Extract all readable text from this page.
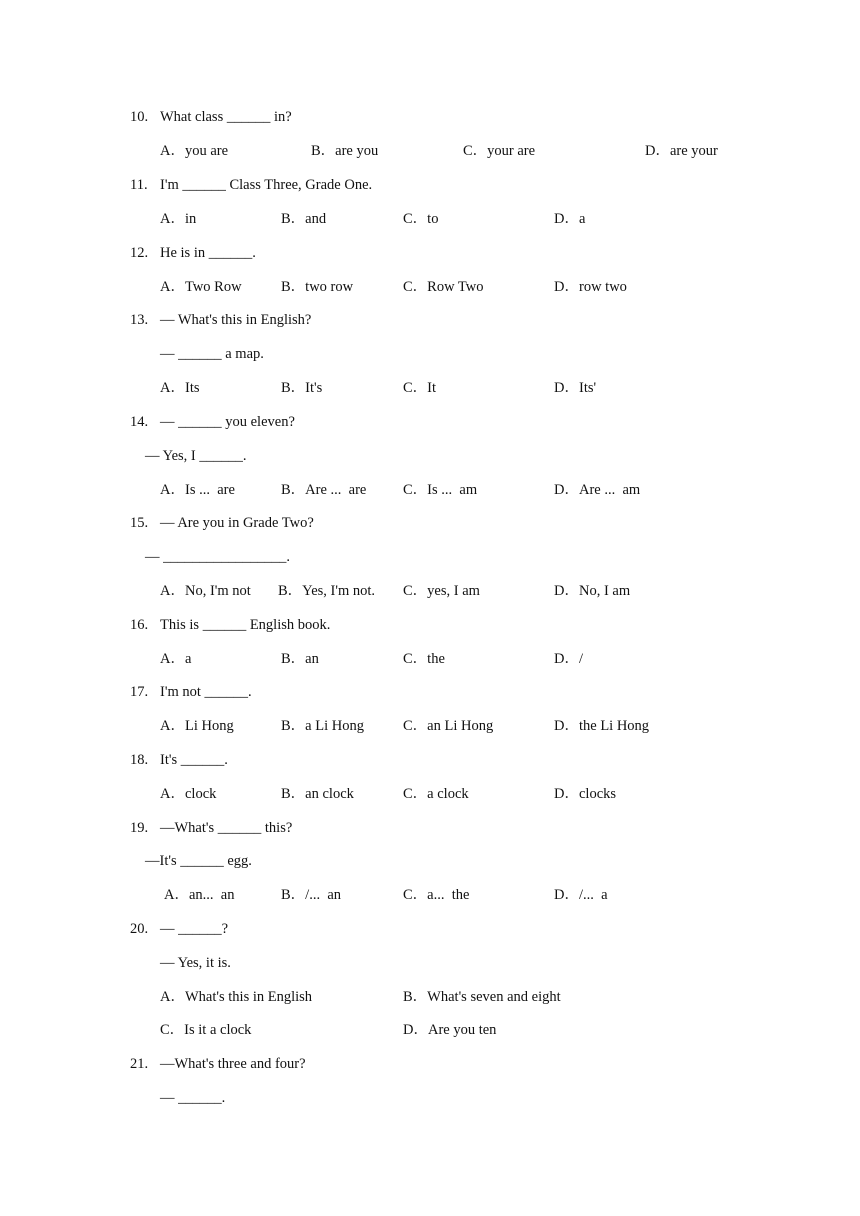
10. What class ______ in?
A．you are	B．are you	C．your are	D．are your
11. I'm ______ Class Three, Grade One.
A．in	B．and	C．to	D．a
12. He is in ______.
A．Two Row	B．two row	C．Row Two	D．row two
13. — What's this in English?
— ______ a map.
A．Its	B．It's	C．It	D．Its'
14. — ______ you eleven?
— Yes, I ______.
A．Is ...  are	B．Are ...  are	C．Is ...  am	D．Are ...  am
15. — Are you in Grade Two?
— _________________.
A．No, I'm not B．Yes, I'm not. C．yes, I am	D．No, I am
16. This is ______ English book.
A．a	B．an	C．the	D．/
17. I'm not ______.
A．Li Hong	B．a Li Hong	C．an Li Hong	D．the Li Hong
18. It's ______.
A．clock	B．an clock	C．a clock	D．clocks
19. —What's ______ this?
—It's ______ egg.
A．an...  an	B．/...  an	C．a...  the	D．/...  a
20. — ______?
— Yes, it is.
A．What's this in English	B．What's seven and eight
C．Is it a clock	D．Are you ten
21. —What's three and four?
— ______.
